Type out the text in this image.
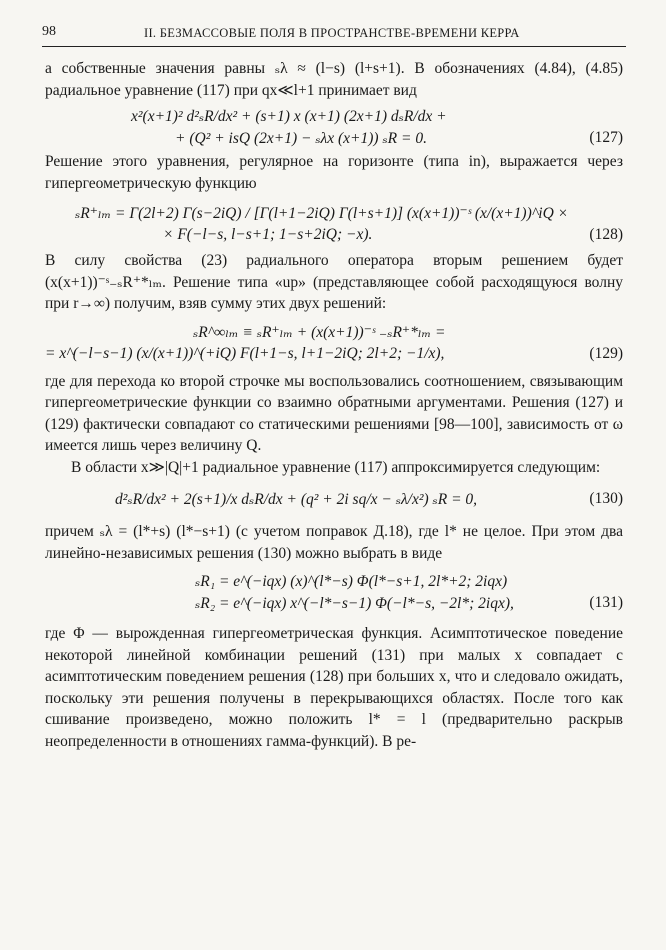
98	II. БЕЗМАССОВЫЕ ПОЛЯ В ПРОСТРАНСТВЕ-ВРЕМЕНИ КЕРРА

а собственные значения равны ₛλ ≈ (l−s) (l+s+1). В обозначениях (4.84), (4.85) радиальное уравнение (117) при qx≪l+1 принимает вид

x²(x+1)² d²ₛR/dx² + (s+1) x (x+1) (2x+1) dₛR/dx +
+ (Q² + isQ (2x+1) − ₛλx (x+1)) ₛR = 0.	(127)

Решение этого уравнения, регулярное на горизонте (типа in), выражается через гипергеометрическую функцию

ₛR⁺ₗₘ = Γ(2l+2) Γ(s−2iQ) / [Γ(l+1−2iQ) Γ(l+s+1)] (x(x+1))⁻ˢ (x/(x+1))^iQ ×
× F(−l−s, l−s+1; 1−s+2iQ; −x).	(128)

В силу свойства (23) радиального оператора вторым решением будет (x(x+1))⁻ˢ₋ₛR⁺*ₗₘ. Решение типа «up» (представляющее собой расходящуюся волну при r→∞) получим, взяв сумму этих двух решений:

ₛR^∞ₗₘ ≡ ₛR⁺ₗₘ + (x(x+1))⁻ˢ ₋ₛR⁺*ₗₘ =
= x^(−l−s−1) (x/(x+1))^(+iQ) F(l+1−s, l+1−2iQ; 2l+2; −1/x),	(129)

где для перехода ко второй строчке мы воспользовались соотношением, связывающим гипергеометрические функции со взаимно обратными аргументами. Решения (127) и (129) фактически совпадают со статическими решениями [98—100], зависимость от ω имеется лишь через величину Q.

В области x≫|Q|+1 радиальное уравнение (117) аппроксимируется следующим:

d²ₛR/dx² + 2(s+1)/x dₛR/dx + (q² + 2i sq/x − ₛλ/x²) ₛR = 0,	(130)

причем ₛλ = (l*+s) (l*−s+1) (с учетом поправок Д.18), где l* не целое. При этом два линейно-независимых решения (130) можно выбрать в виде

ₛR₁ = e^(−iqx) (x)^(l*−s) Φ(l*−s+1, 2l*+2; 2iqx)
ₛR₂ = e^(−iqx) x^(−l*−s−1) Φ(−l*−s, −2l*; 2iqx),	(131)

где Φ — вырожденная гипергеометрическая функция. Асимптотическое поведение некоторой линейной комбинации решений (131) при малых x совпадает с асимптотическим поведением решения (128) при больших x, что и следовало ожидать, поскольку эти решения получены в перекрывающихся областях. После того как сшивание произведено, можно положить l* = l (предварительно раскрыв неопределенности в отношениях гамма-функций). В ре-
